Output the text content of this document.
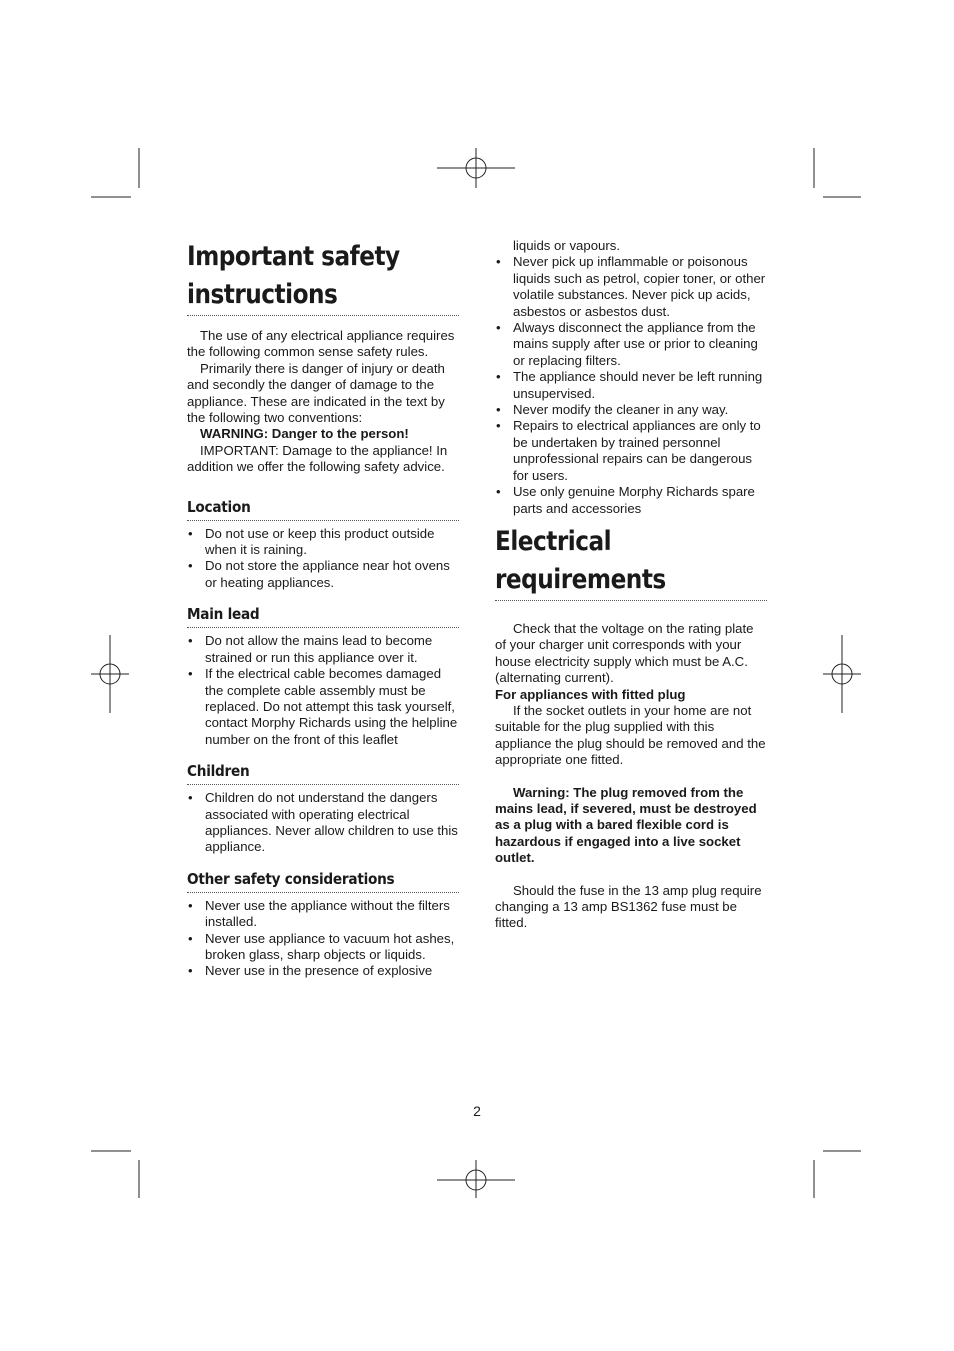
Important safety instructions

The use of any electrical appliance requires the following common sense safety rules.

Primarily there is danger of injury or death and secondly the danger of damage to the appliance. These are indicated in the text by the following two conventions:

WARNING: Danger to the person!

IMPORTANT: Damage to the appliance! In addition we offer the following safety advice.

Location
• Do not use or keep this product outside when it is raining.
• Do not store the appliance near hot ovens or heating appliances.
Main lead
• Do not allow the mains lead to become strained or run this appliance over it.
• If the electrical cable becomes damaged the complete cable assembly must be replaced. Do not attempt this task yourself, contact Morphy Richards using the helpline number on the front of this leaflet
Children
• Children do not understand the dangers associated with operating electrical appliances. Never allow children to use this appliance.
Other safety considerations
• Never use the appliance without the filters installed.
• Never use appliance to vacuum hot ashes, broken glass, sharp objects or liquids.
• Never use in the presence of explosive
liquids or vapours.
• Never pick up inflammable or poisonous liquids such as petrol, copier toner, or other volatile substances. Never pick up acids, asbestos or asbestos dust.
• Always disconnect the appliance from the mains supply after use or prior to cleaning or replacing filters.
• The appliance should never be left running unsupervised.
• Never modify the cleaner in any way.
• Repairs to electrical appliances are only to be undertaken by trained personnel unprofessional repairs can be dangerous for users.
• Use only genuine Morphy Richards spare parts and accessories
Electrical requirements

Check that the voltage on the rating plate of your charger unit corresponds with your house electricity supply which must be A.C. (alternating current).

For appliances with fitted plug

If the socket outlets in your home are not suitable for the plug supplied with this appliance the plug should be removed and the appropriate one fitted.

Warning: The plug removed from the mains lead, if severed, must be destroyed as a plug with a bared flexible cord is hazardous if engaged into a live socket outlet.

Should the fuse in the 13 amp plug require changing a 13 amp BS1362 fuse must be fitted.

2
